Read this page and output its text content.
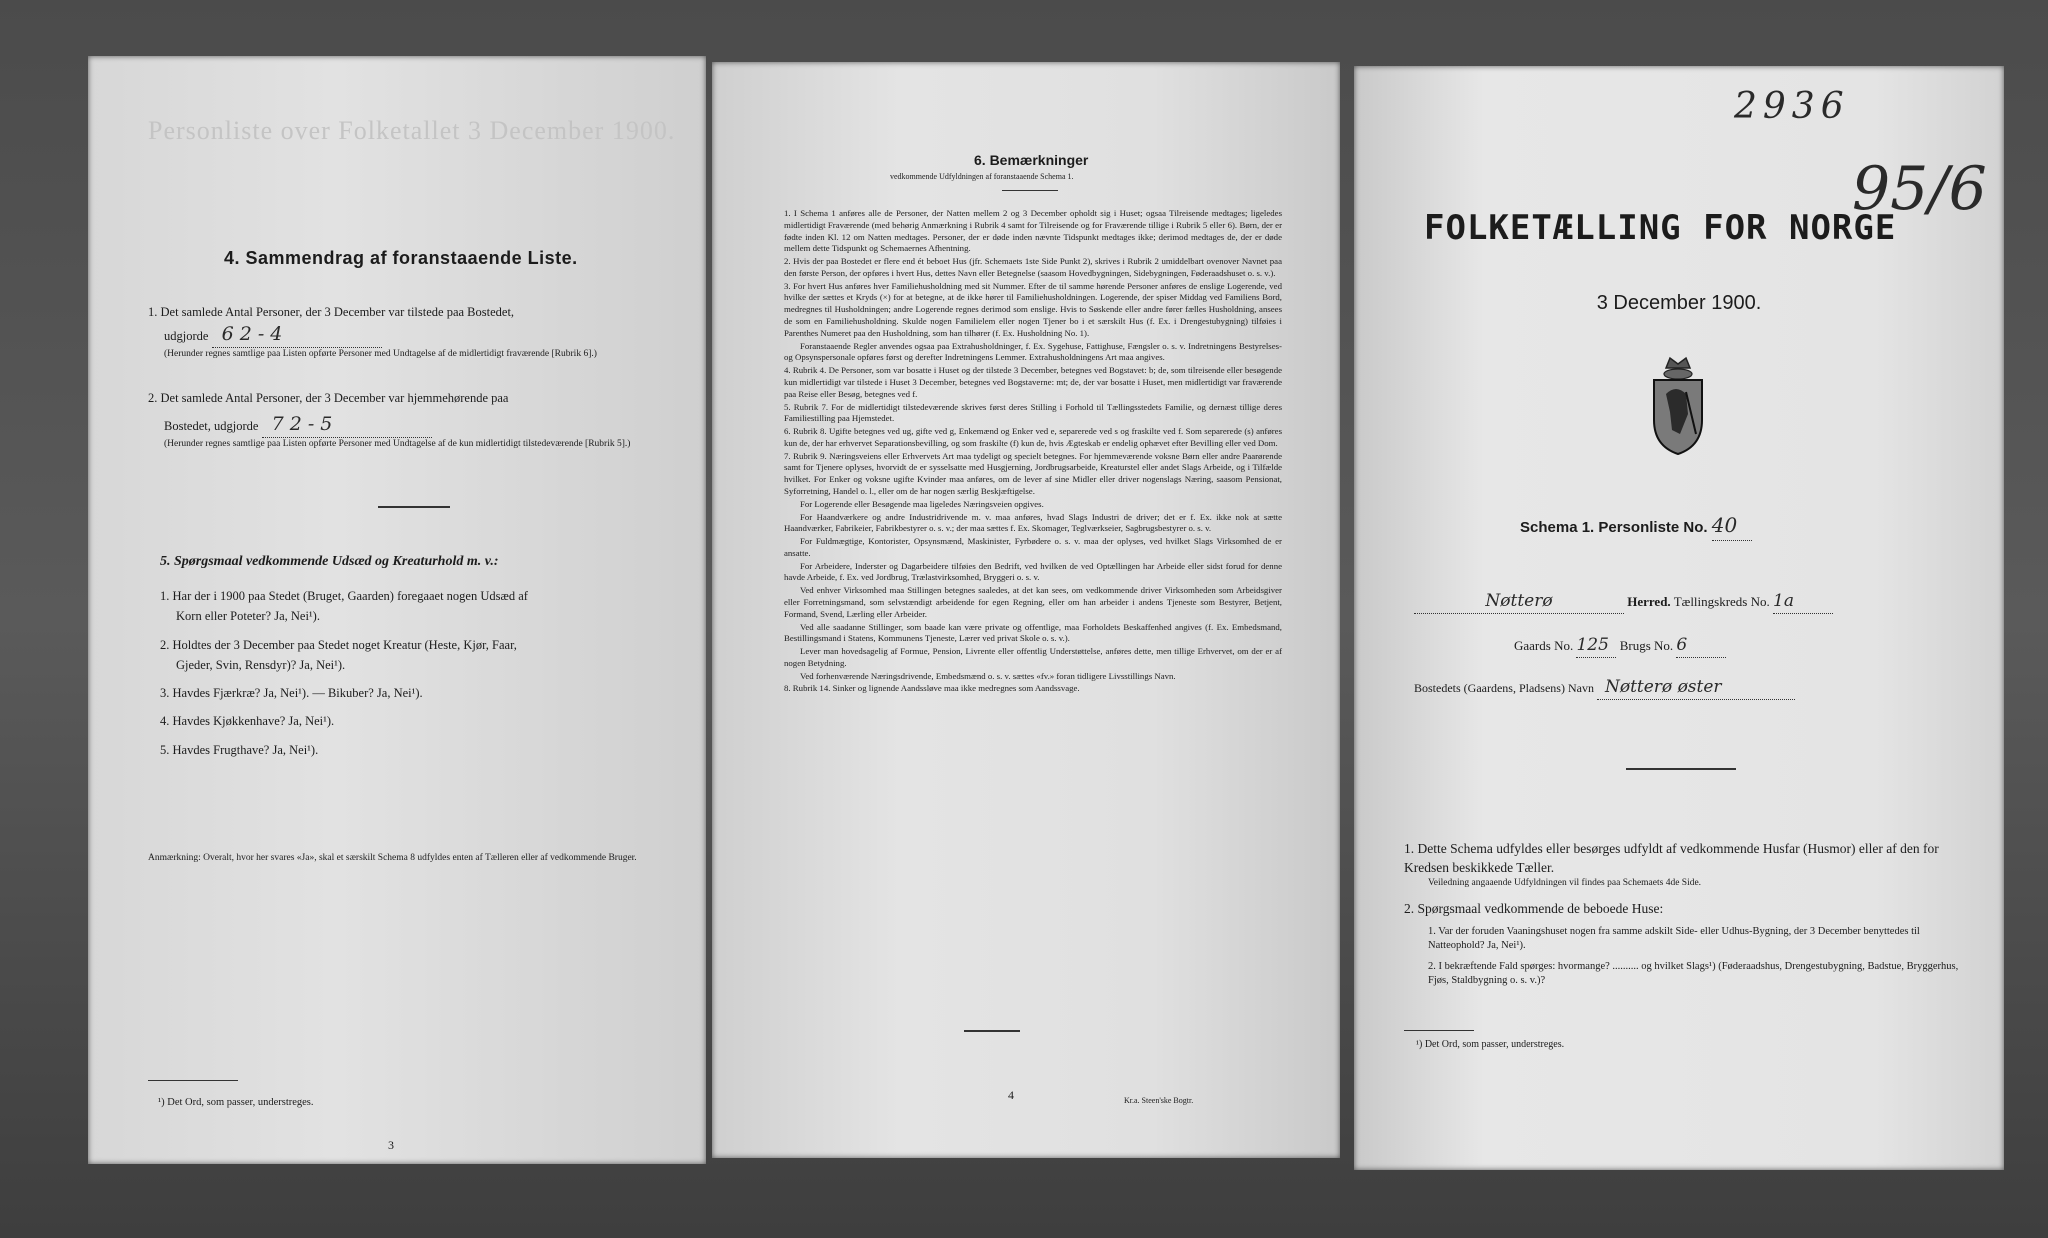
Personliste over Folketallet 3 December 1900.
4. Sammendrag af foranstaaende Liste.
1. Det samlede Antal Personer, der 3 December var tilstede paa Bostedet,
udgjorde 6 2 - 4
(Herunder regnes samtlige paa Listen opførte Personer med Undtagelse af de midlertidigt fraværende [Rubrik 6].)
2. Det samlede Antal Personer, der 3 December var hjemmehørende paa
Bostedet, udgjorde 7 2 - 5
(Herunder regnes samtlige paa Listen opførte Personer med Undtagelse af de kun midlertidigt tilstedeværende [Rubrik 5].)
5. Spørgsmaal vedkommende Udsæd og Kreaturhold m. v.:
1. Har der i 1900 paa Stedet (Bruget, Gaarden) foregaaet nogen Udsæd af
Korn eller Poteter? Ja, Nei¹).
2. Holdtes der 3 December paa Stedet noget Kreatur (Heste, Kjør, Faar,
Gjeder, Svin, Rensdyr)? Ja, Nei¹).
3. Havdes Fjærkræ? Ja, Nei¹). — Bikuber? Ja, Nei¹).
4. Havdes Kjøkkenhave? Ja, Nei¹).
5. Havdes Frugthave? Ja, Nei¹).
Anmærkning: Overalt, hvor her svares «Ja», skal et særskilt Schema 8 udfyldes enten af Tælleren eller af vedkommende Bruger.
¹) Det Ord, som passer, understreges.
3
6. Bemærkninger
vedkommende Udfyldningen af foranstaaende Schema 1.

1. I Schema 1 anføres alle de Personer, der Natten mellem 2 og 3 December opholdt sig i Huset; ogsaa Tilreisende medtages; ligeledes midlertidigt Fraværende (med behørig Anmærkning i Rubrik 4 samt for Tilreisende og for Fraværende tillige i Rubrik 5 eller 6). Børn, der er fødte inden Kl. 12 om Natten medtages. Personer, der er døde inden nævnte Tidspunkt medtages ikke; derimod medtages de, der er døde mellem dette Tidspunkt og Schemaernes Afhentning.

2. Hvis der paa Bostedet er flere end ét beboet Hus (jfr. Schemaets 1ste Side Punkt 2), skrives i Rubrik 2 umiddelbart ovenover Navnet paa den første Person, der opføres i hvert Hus, dettes Navn eller Betegnelse (saasom Hovedbygningen, Sidebygningen, Føderaadshuset o. s. v.).

3. For hvert Hus anføres hver Familiehusholdning med sit Nummer. Efter de til samme hørende Personer anføres de enslige Logerende, ved hvilke der sættes et Kryds (×) for at betegne, at de ikke hører til Familiehusholdningen. Logerende, der spiser Middag ved Familiens Bord, medregnes til Husholdningen; andre Logerende regnes derimod som enslige. Hvis to Søskende eller andre fører fælles Husholdning, ansees de som en Familiehusholdning. Skulde nogen Familielem eller nogen Tjener bo i et særskilt Hus (f. Ex. i Drengestubygning) tilføies i Parenthes Numeret paa den Husholdning, som han tilhører (f. Ex. Husholdning No. 1).

Foranstaaende Regler anvendes ogsaa paa Extrahusholdninger, f. Ex. Sygehuse, Fattighuse, Fængsler o. s. v. Indretningens Bestyrelses- og Opsynspersonale opføres først og derefter Indretningens Lemmer. Extrahusholdningens Art maa angives.

4. Rubrik 4. De Personer, som var bosatte i Huset og der tilstede 3 December, betegnes ved Bogstavet: b; de, som tilreisende eller besøgende kun midlertidigt var tilstede i Huset 3 December, betegnes ved Bogstaverne: mt; de, der var bosatte i Huset, men midlertidigt var fraværende paa Reise eller Besøg, betegnes ved f.

5. Rubrik 7. For de midlertidigt tilstedeværende skrives først deres Stilling i Forhold til Tællingsstedets Familie, og dernæst tillige deres Familiestilling paa Hjemstedet.

6. Rubrik 8. Ugifte betegnes ved ug, gifte ved g, Enkemænd og Enker ved e, separerede ved s og fraskilte ved f. Som separerede (s) anføres kun de, der har erhvervet Separationsbevilling, og som fraskilte (f) kun de, hvis Ægteskab er endelig ophævet efter Bevilling eller ved Dom.

7. Rubrik 9. Næringsveiens eller Erhvervets Art maa tydeligt og specielt betegnes. For hjemmeværende voksne Børn eller andre Paarørende samt for Tjenere oplyses, hvorvidt de er sysselsatte med Husgjerning, Jordbrugsarbeide, Kreaturstel eller andet Slags Arbeide, og i Tilfælde hvilket. For Enker og voksne ugifte Kvinder maa anføres, om de lever af sine Midler eller driver nogenslags Næring, saasom Pensionat, Syforretning, Handel o. l., eller om de har nogen særlig Beskjæftigelse.

For Logerende eller Besøgende maa ligeledes Næringsveien opgives.

For Haandværkere og andre Industridrivende m. v. maa anføres, hvad Slags Industri de driver; det er f. Ex. ikke nok at sætte Haandværker, Fabrikeier, Fabrikbestyrer o. s. v.; der maa sættes f. Ex. Skomager, Teglværkseier, Sagbrugsbestyrer o. s. v.

For Fuldmægtige, Kontorister, Opsynsmænd, Maskinister, Fyrbødere o. s. v. maa der oplyses, ved hvilket Slags Virksomhed de er ansatte.

For Arbeidere, Inderster og Dagarbeidere tilføies den Bedrift, ved hvilken de ved Optællingen har Arbeide eller sidst forud for denne havde Arbeide, f. Ex. ved Jordbrug, Trælastvirksomhed, Bryggeri o. s. v.

Ved enhver Virksomhed maa Stillingen betegnes saaledes, at det kan sees, om vedkommende driver Virksomheden som Arbeidsgiver eller Forretningsmand, som selvstændigt arbeidende for egen Regning, eller om han arbeider i andens Tjeneste som Bestyrer, Betjent, Formand, Svend, Lærling eller Arbeider.

Ved alle saadanne Stillinger, som baade kan være private og offentlige, maa Forholdets Beskaffenhed angives (f. Ex. Embedsmand, Bestillingsmand i Statens, Kommunens Tjeneste, Lærer ved privat Skole o. s. v.).

Lever man hovedsagelig af Formue, Pension, Livrente eller offentlig Understøttelse, anføres dette, men tillige Erhvervet, om der er af nogen Betydning.

Ved forhenværende Næringsdrivende, Embedsmænd o. s. v. sættes «fv.» foran tidligere Livsstillings Navn.

8. Rubrik 14. Sinker og lignende Aandssløve maa ikke medregnes som Aandssvage.

4	Kr.a. Steen'ske Bogtr.
2936
95/6
FOLKETÆLLING FOR NORGE
3 December 1900.
Schema 1. Personliste No. 40
Nøtterø	Herred. Tællingskreds No. 1a
Gaards No. 125 Brugs No. 6
Bostedets (Gaardens, Pladsens) Navn Nøtterø øster
1. Dette Schema udfyldes eller besørges udfyldt af vedkommende Husfar (Husmor) eller af den for Kredsen beskikkede Tæller.
Veiledning angaaende Udfyldningen vil findes paa Schemaets 4de Side.
2. Spørgsmaal vedkommende de beboede Huse:
1. Var der foruden Vaaningshuset nogen fra samme adskilt Side- eller Udhus-Bygning, der 3 December benyttedes til Natteophold? Ja, Nei¹).
2. I bekræftende Fald spørges: hvormange? .......... og hvilket Slags¹) (Føderaadshus, Drengestubygning, Badstue, Bryggerhus, Fjøs, Staldbygning o. s. v.)?
¹) Det Ord, som passer, understreges.
